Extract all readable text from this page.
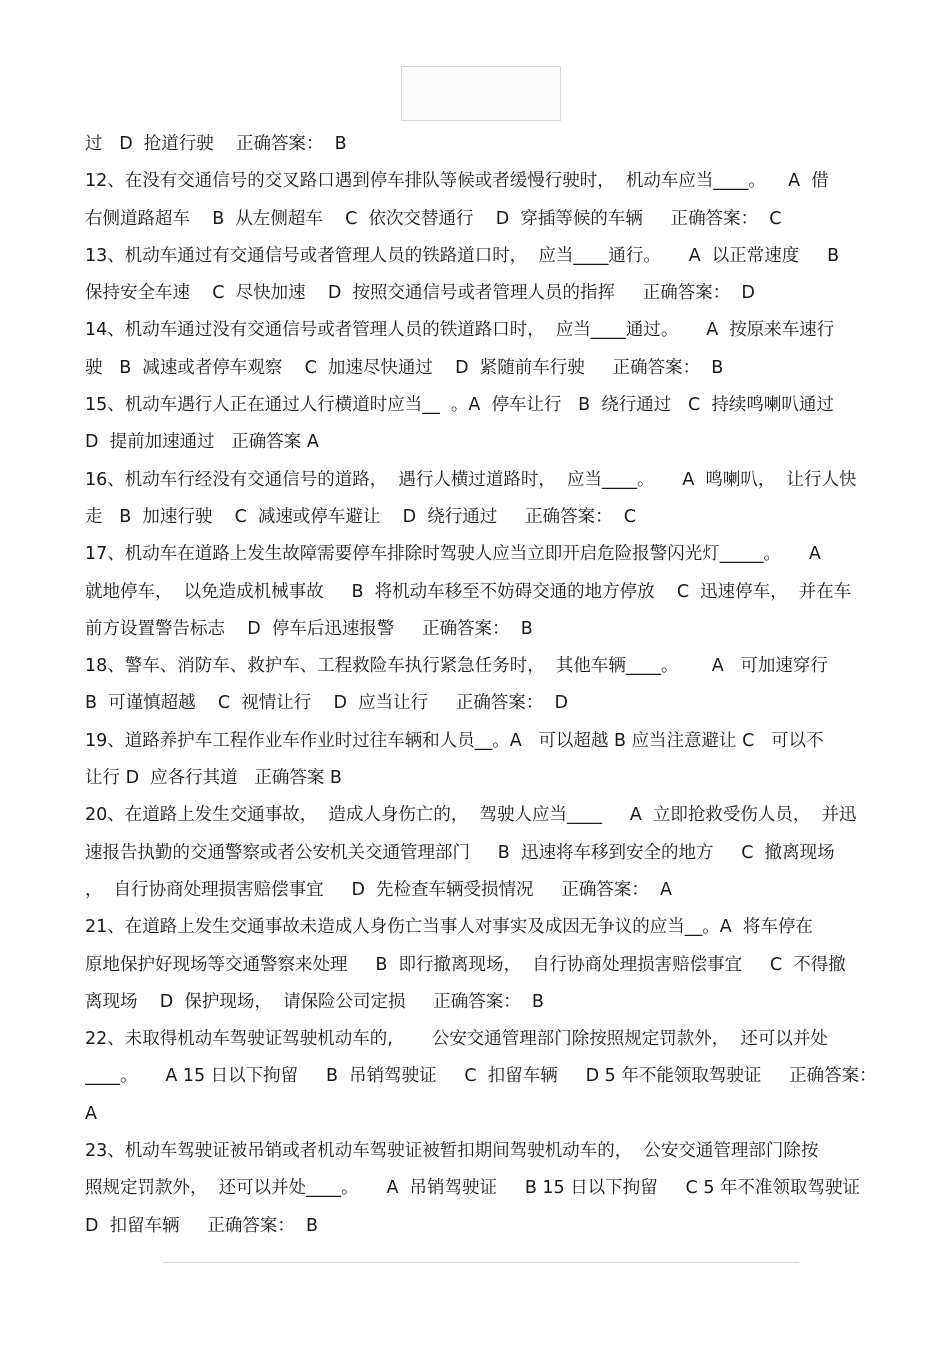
过   D  抢道行驶    正确答案：  B
12、在没有交通信号的交叉路口遇到停车排队等候或者缓慢行驶时，  机动车应当____。    A  借
右侧道路超车    B  从左侧超车    C  依次交替通行    D  穿插等候的车辆     正确答案：  C
13、机动车通过有交通信号或者管理人员的铁路道口时，  应当____通行。     A  以正常速度     B
保持安全车速    C  尽快加速    D  按照交通信号或者管理人员的指挥     正确答案：  D
14、机动车通过没有交通信号或者管理人员的铁道路口时，  应当____通过。     A  按原来车速行
驶   B  减速或者停车观察    C  加速尽快通过    D  紧随前车行驶     正确答案：  B
15、机动车遇行人正在通过人行横道时应当__  。A  停车让行   B  绕行通过   C  持续鸣喇叭通过
D  提前加速通过   正确答案 A
16、机动车行经没有交通信号的道路，  遇行人横过道路时，  应当____。     A  鸣喇叭，  让行人快
走   B  加速行驶    C  减速或停车避让    D  绕行通过     正确答案：  C
17、机动车在道路上发生故障需要停车排除时驾驶人应当立即开启危险报警闪光灯_____。     A
就地停车，  以免造成机械事故     B  将机动车移至不妨碍交通的地方停放    C  迅速停车，  并在车
前方设置警告标志    D  停车后迅速报警     正确答案：  B
18、警车、消防车、救护车、工程救险车执行紧急任务时，  其他车辆____。      A   可加速穿行
B  可谨慎超越    C  视情让行    D  应当让行     正确答案：  D
19、道路养护车工程作业车作业时过往车辆和人员__。A   可以超越 B 应当注意避让 C   可以不
让行 D  应各行其道   正确答案 B
20、在道路上发生交通事故，  造成人身伤亡的，  驾驶人应当____     A  立即抢救受伤人员，  并迅
速报告执勤的交通警察或者公安机关交通管理部门     B  迅速将车移到安全的地方     C  撤离现场
，  自行协商处理损害赔偿事宜     D  先检查车辆受损情况     正确答案：  A
21、在道路上发生交通事故未造成人身伤亡当事人对事实及成因无争议的应当__。A  将车停在
原地保护好现场等交通警察来处理     B  即行撤离现场，  自行协商处理损害赔偿事宜     C  不得撤
离现场    D  保护现场，  请保险公司定损     正确答案：  B
22、未取得机动车驾驶证驾驶机动车的,       公安交通管理部门除按照规定罚款外，  还可以并处
____。     A 15 日以下拘留     B  吊销驾驶证     C  扣留车辆     D 5 年不能领取驾驶证     正确答案：
A
23、机动车驾驶证被吊销或者机动车驾驶证被暂扣期间驾驶机动车的，  公安交通管理部门除按
照规定罚款外，  还可以并处____。     A  吊销驾驶证     B 15 日以下拘留     C 5 年不准领取驾驶证
D  扣留车辆     正确答案：  B
